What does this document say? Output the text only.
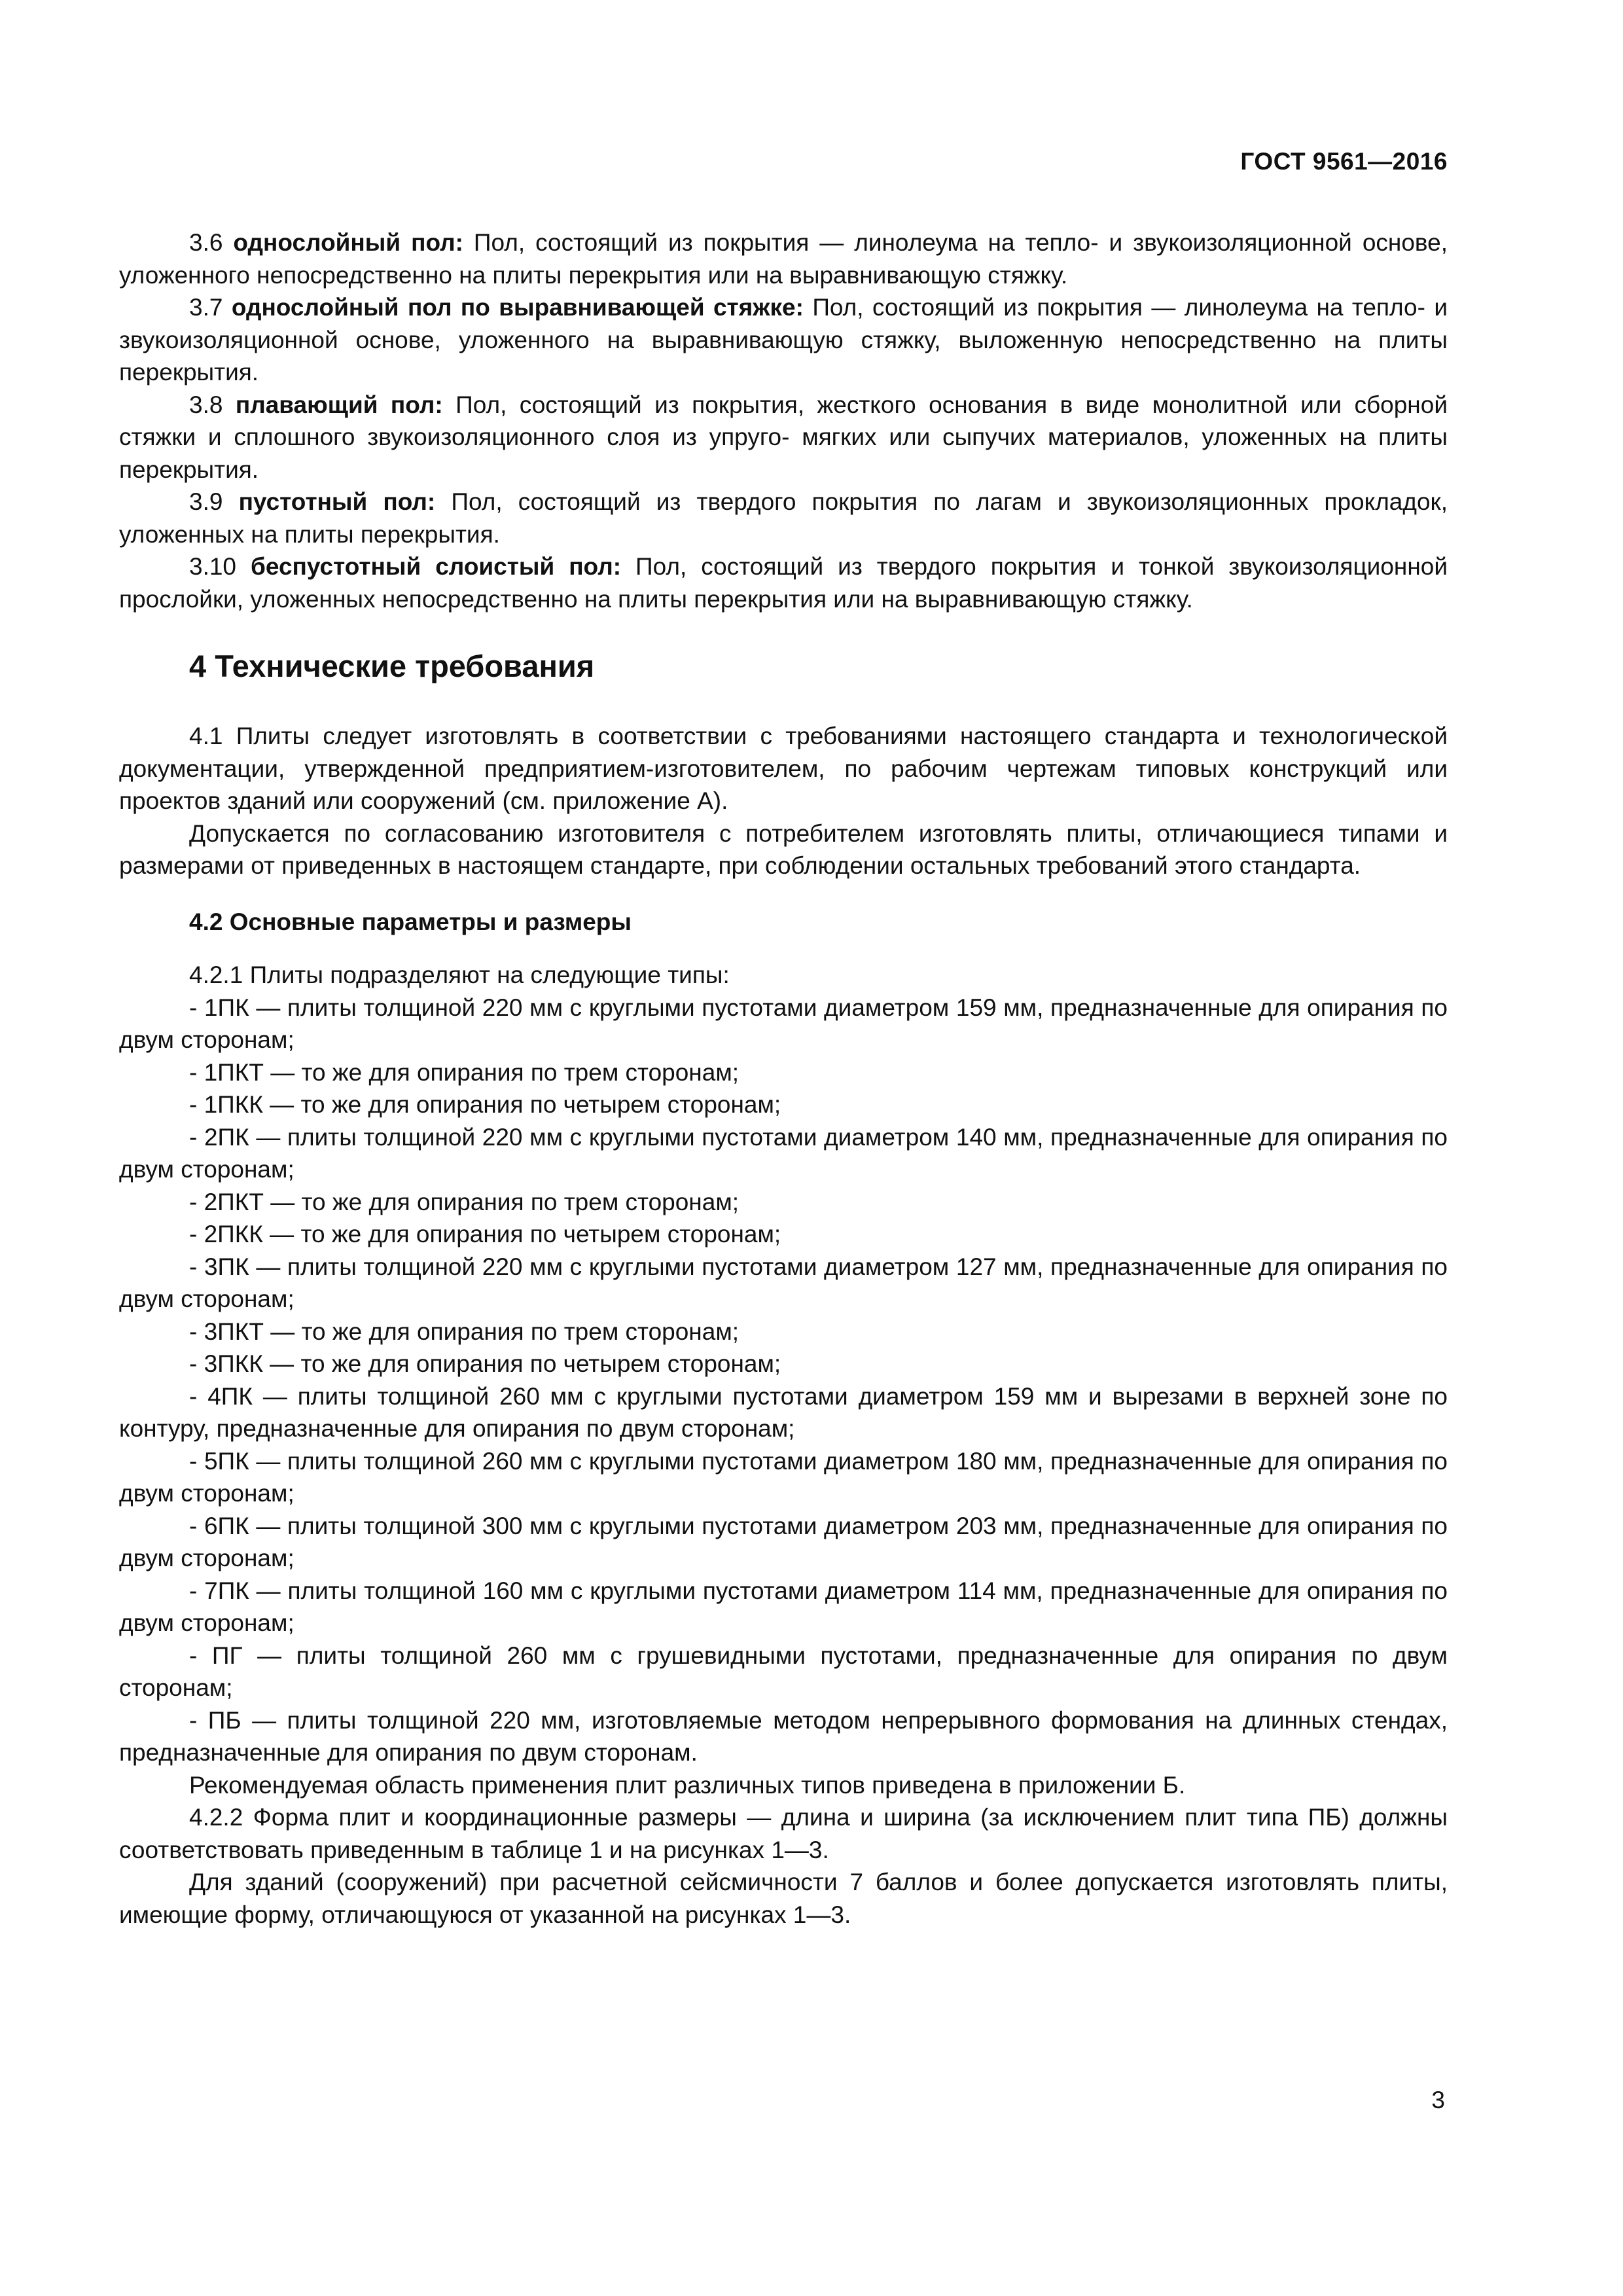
ГОСТ 9561—2016

3.6 однослойный пол: Пол, состоящий из покрытия — линолеума на тепло- и звукоизоляционной основе, уложенного непосредственно на плиты перекрытия или на выравнивающую стяжку.

3.7 однослойный пол по выравнивающей стяжке: Пол, состоящий из покрытия — линолеума на тепло- и звукоизоляционной основе, уложенного на выравнивающую стяжку, выложенную непосредственно на плиты перекрытия.

3.8 плавающий пол: Пол, состоящий из покрытия, жесткого основания в виде монолитной или сборной стяжки и сплошного звукоизоляционного слоя из упруго- мягких или сыпучих материалов, уложенных на плиты перекрытия.

3.9 пустотный пол: Пол, состоящий из твердого покрытия по лагам и звукоизоляционных прокладок, уложенных на плиты перекрытия.

3.10 беспустотный слоистый пол: Пол, состоящий из твердого покрытия и тонкой звукоизоляционной прослойки, уложенных непосредственно на плиты перекрытия или на выравнивающую стяжку.

4 Технические требования

4.1 Плиты следует изготовлять в соответствии с требованиями настоящего стандарта и технологической документации, утвержденной предприятием-изготовителем, по рабочим чертежам типовых конструкций или проектов зданий или сооружений (см. приложение А).

Допускается по согласованию изготовителя с потребителем изготовлять плиты, отличающиеся типами и размерами от приведенных в настоящем стандарте, при соблюдении остальных требований этого стандарта.

4.2 Основные параметры и размеры

4.2.1 Плиты подразделяют на следующие типы:

- 1ПК — плиты толщиной 220 мм с круглыми пустотами диаметром 159 мм, предназначенные для опирания по двум сторонам;

- 1ПКТ — то же для опирания по трем сторонам;

- 1ПКК — то же для опирания по четырем сторонам;

- 2ПК — плиты толщиной 220 мм с круглыми пустотами диаметром 140 мм, предназначенные для опирания по двум сторонам;

- 2ПКТ — то же для опирания по трем сторонам;

- 2ПКК — то же для опирания по четырем сторонам;

- 3ПК — плиты толщиной 220 мм с круглыми пустотами диаметром 127 мм, предназначенные для опирания по двум сторонам;

- 3ПКТ — то же для опирания по трем сторонам;

- 3ПКК — то же для опирания по четырем сторонам;

- 4ПК — плиты толщиной 260 мм с круглыми пустотами диаметром 159 мм и вырезами в верхней зоне по контуру, предназначенные для опирания по двум сторонам;

- 5ПК — плиты толщиной 260 мм с круглыми пустотами диаметром 180 мм, предназначенные для опирания по двум сторонам;

- 6ПК — плиты толщиной 300 мм с круглыми пустотами диаметром 203 мм, предназначенные для опирания по двум сторонам;

- 7ПК — плиты толщиной 160 мм с круглыми пустотами диаметром 114 мм, предназначенные для опирания по двум сторонам;

- ПГ — плиты толщиной 260 мм с грушевидными пустотами, предназначенные для опирания по двум сторонам;

- ПБ — плиты толщиной 220 мм, изготовляемые методом непрерывного формования на длинных стендах, предназначенные для опирания по двум сторонам.

Рекомендуемая область применения плит различных типов приведена в приложении Б.

4.2.2 Форма плит и координационные размеры — длина и ширина (за исключением плит типа ПБ) должны соответствовать приведенным в таблице 1 и на рисунках 1—3.

Для зданий (сооружений) при расчетной сейсмичности 7 баллов и более допускается изготовлять плиты, имеющие форму, отличающуюся от указанной на рисунках 1—3.

3
